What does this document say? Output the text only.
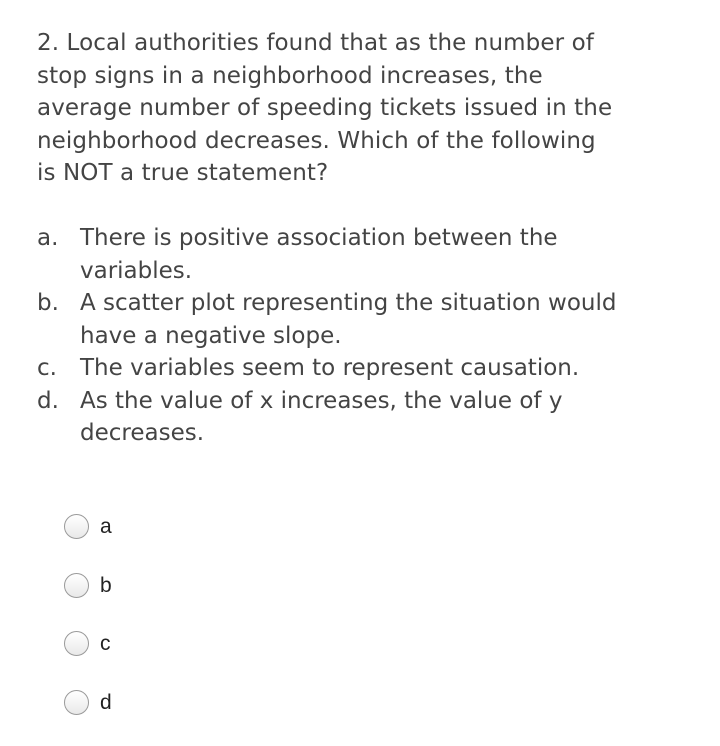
2. Local authorities found that as the number of
stop signs in a neighborhood increases, the
average number of speeding tickets issued in the
neighborhood decreases. Which of the following
is NOT a true statement?
a. There is positive association between the
variables.
b. A scatter plot representing the situation would
have a negative slope.
c. The variables seem to represent causation.
d. As the value of x increases, the value of y
decreases.
a
b
c
d
